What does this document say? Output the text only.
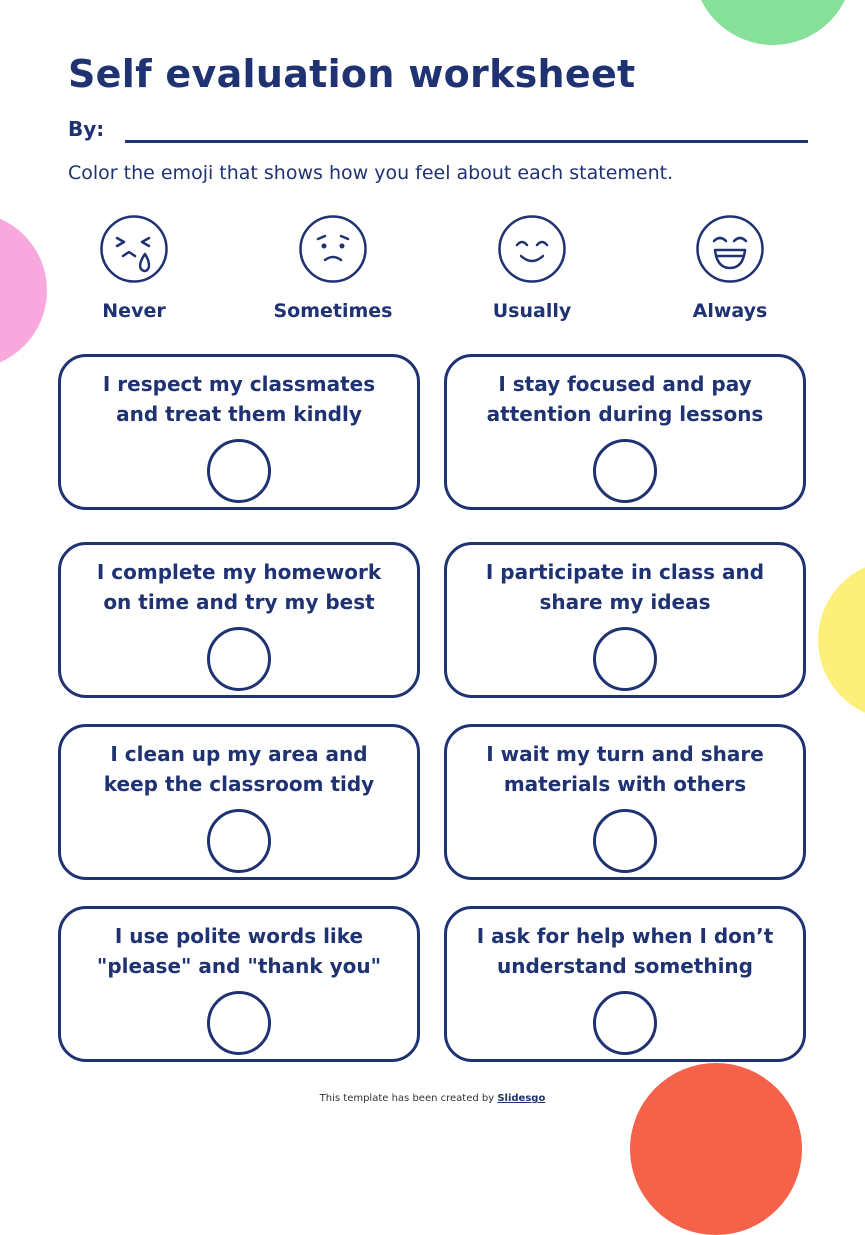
Self evaluation worksheet
By:
Color the emoji that shows how you feel about each statement.
Never	Sometimes	Usually	Always
I respect my classmates
and treat them kindly
I stay focused and pay
attention during lessons
I complete my homework
on time and try my best
I participate in class and
share my ideas
I clean up my area and
keep the classroom tidy
I wait my turn and share
materials with others
I use polite words like
"please" and "thank you"
I ask for help when I don’t
understand something
This template has been created by Slidesgo
